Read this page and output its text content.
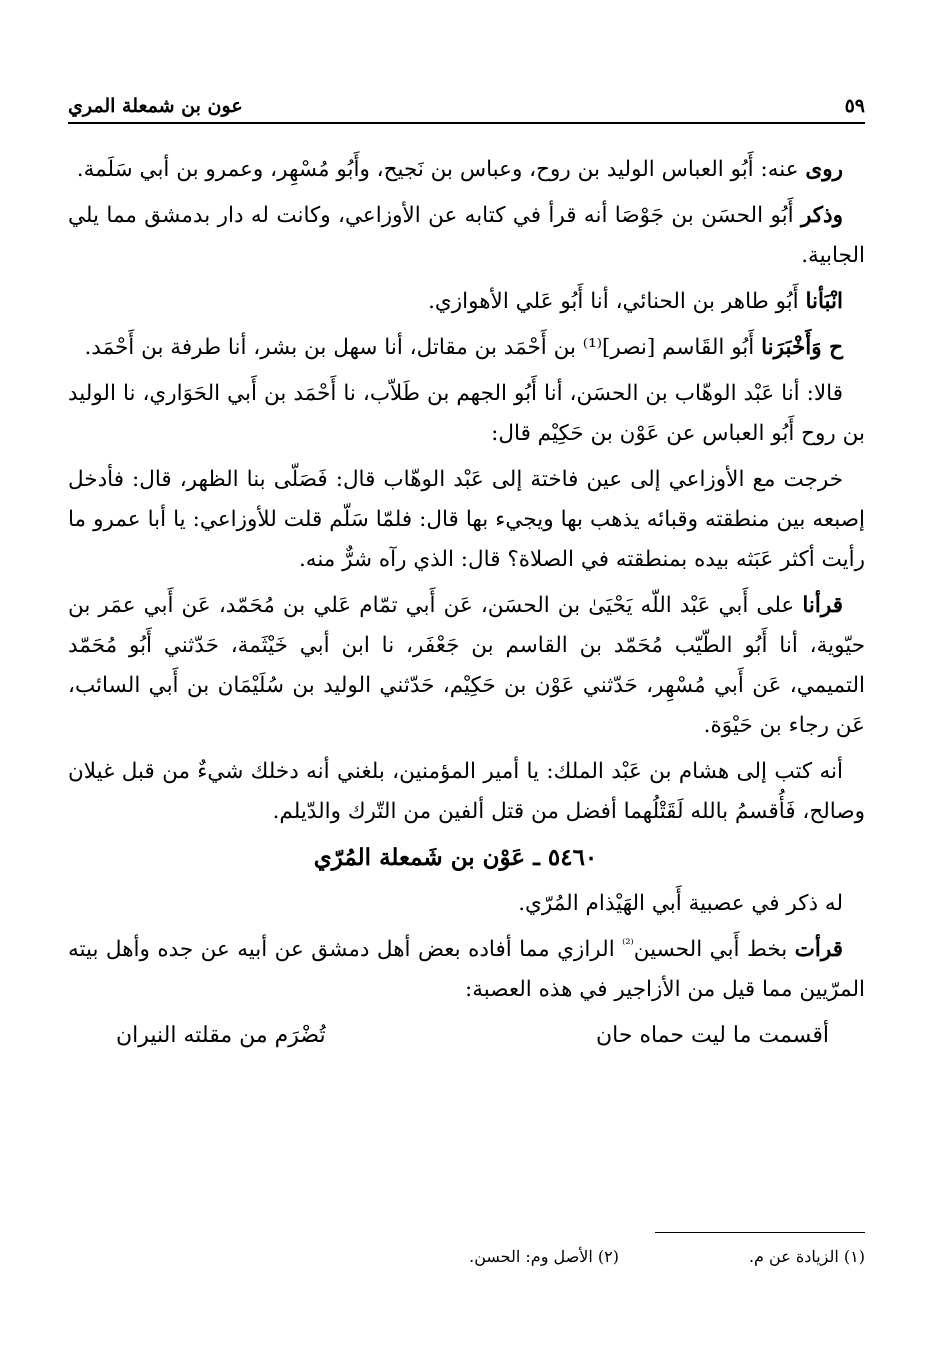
عون بن شمعلة المري	٥٩

روى عنه: أَبُو العباس الوليد بن روح، وعباس بن نَجيح، وأَبُو مُسْهِر، وعمرو بن أبي سَلَمة.

وذكر أَبُو الحسَن بن جَوْصَا أنه قرأ في كتابه عن الأوزاعي، وكانت له دار بدمشق مما يلي الجابية.

انْبَأنا أَبُو طاهر بن الحنائي، أنا أَبُو عَلي الأهوازي.

ح وَأَخْبَرَنا أَبُو القَاسم [نصر]⁽¹⁾ بن أَحْمَد بن مقاتل، أنا سهل بن بشر، أنا طرفة بن أَحْمَد.

قالا: أنا عَبْد الوهّاب بن الحسَن، أنا أَبُو الجهم بن طَلاّب، نا أَحْمَد بن أَبي الحَوَاري، نا الوليد بن روح أَبُو العباس عن عَوْن بن حَكِيْم قال:

خرجت مع الأوزاعي إلى عين فاختة إلى عَبْد الوهّاب قال: فَصَلّى بنا الظهر، قال: فأدخل إصبعه بين منطقته وقبائه يذهب بها ويجيء بها قال: فلمّا سَلّم قلت للأوزاعي: يا أبا عمرو ما رأيت أكثر عَبَثه بيده بمنطقته في الصلاة؟ قال: الذي رآه شرٌّ منه.

قرأنا على أَبي عَبْد اللّه يَحْيَىٰ بن الحسَن، عَن أَبي تمّام عَلي بن مُحَمّد، عَن أَبي عمَر بن حيّوية، أنا أَبُو الطّيّب مُحَمّد بن القاسم بن جَعْفَر، نا ابن أبي خَيْثَمة، حَدّثني أَبُو مُحَمّد التميمي، عَن أَبي مُسْهِر، حَدّثني عَوْن بن حَكِيْم، حَدّثني الوليد بن سُلَيْمَان بن أَبي السائب، عَن رجاء بن حَيْوَة.

أنه كتب إلى هشام بن عَبْد الملك: يا أمير المؤمنين، بلغني أنه دخلك شيءٌ من قبل غيلان وصالح، فَأُقسمُ بالله لَقَتْلُهما أفضل من قتل ألفين من التّرك والدّيلم.

٥٤٦٠ ـ عَوْن بن شَمعلة المُرّي

له ذكر في عصبية أَبي الهَيْذام المُرّي.

قرأت بخط أَبي الحسين$^{^{(2)}}$ الرازي مما أفاده بعض أهل دمشق عن أبيه عن جده وأهل بيته المرّيين مما قيل من الأزاجير في هذه العصبة:

أقسمت ما ليت حماه حان
تُضْرَم من مقلته النيران
(١) الزيادة عن م.
(٢) الأصل وم: الحسن.
